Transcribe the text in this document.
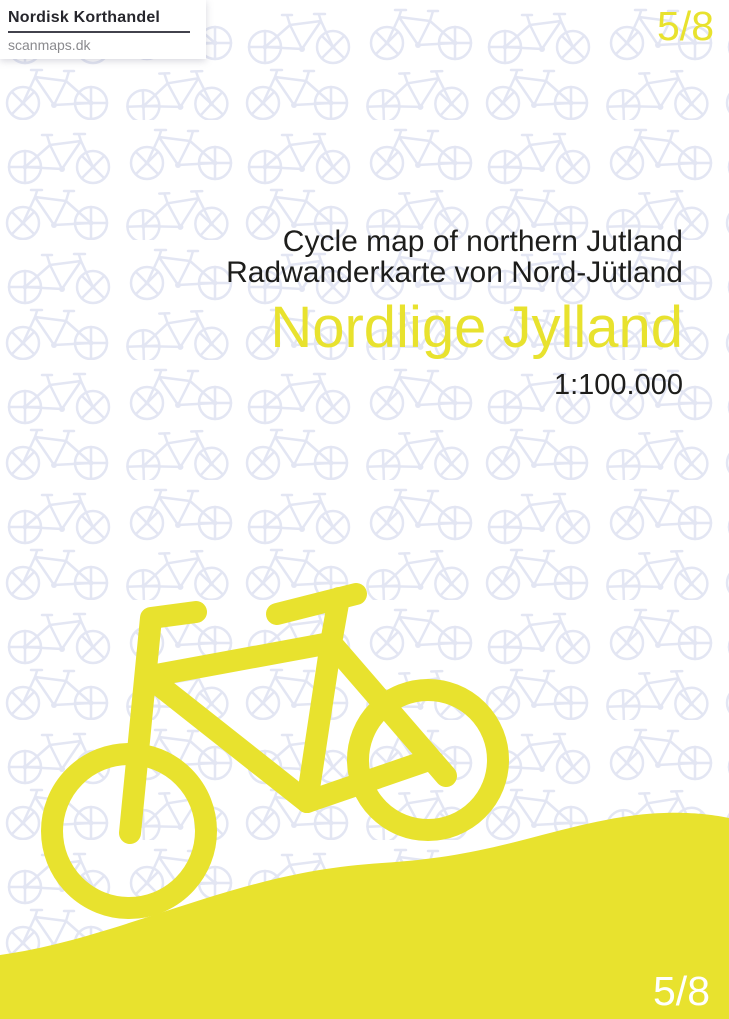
Nordisk Korthandel
scanmaps.dk	5/8
5/8
Cycle map of northern Jutland
Radwanderkarte von Nord-Jütland
Nordlige Jylland
1:100.000
